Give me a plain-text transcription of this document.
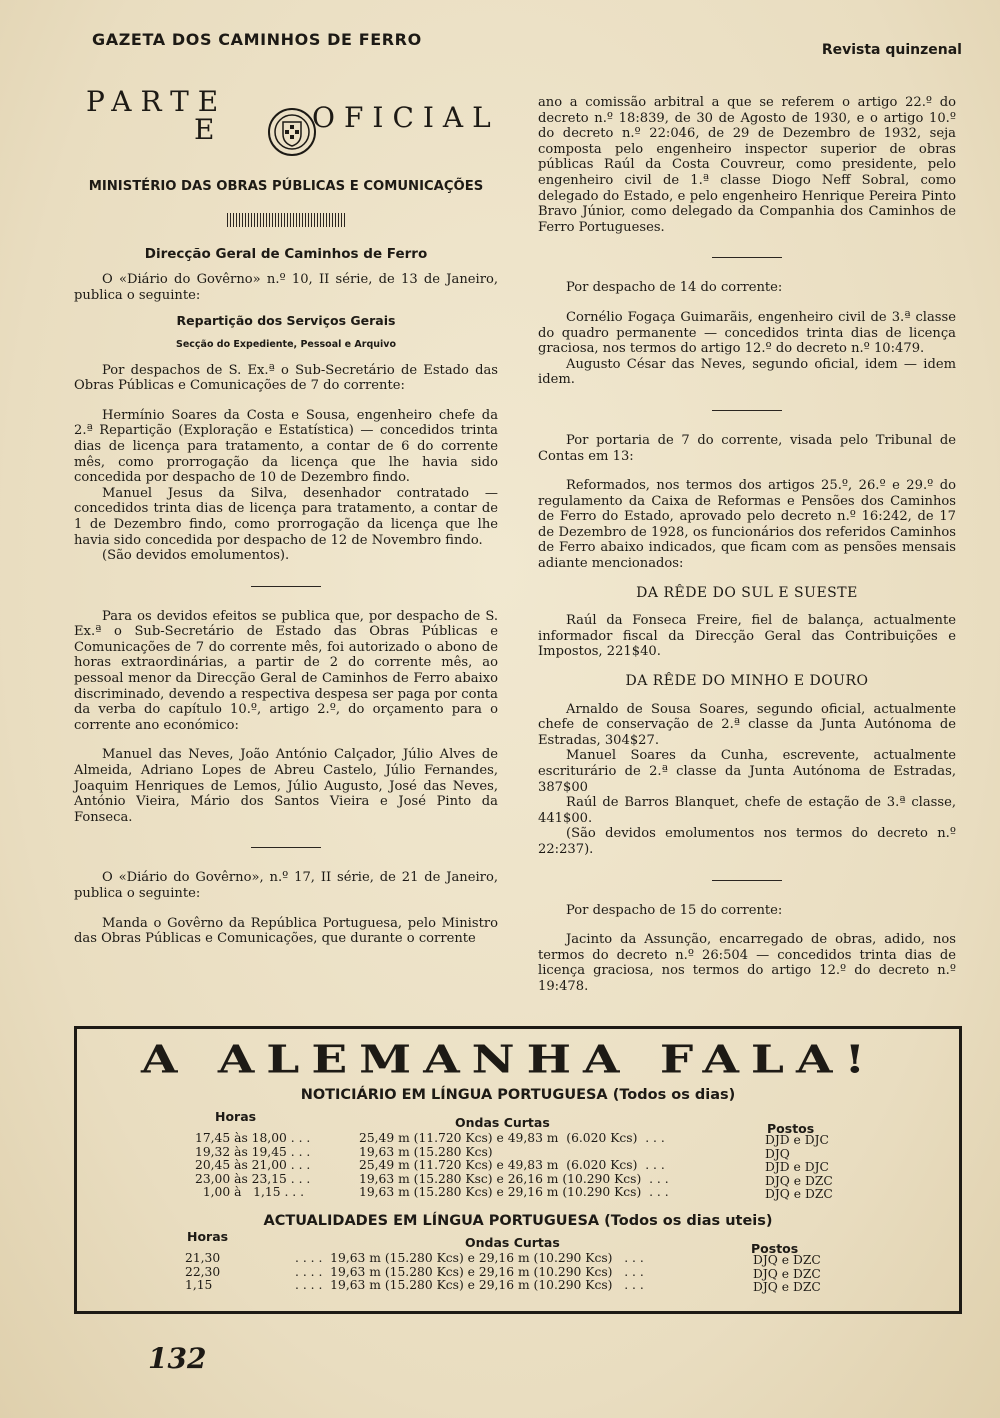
GAZETA DOS CAMINHOS DE FERRO
Revista quinzenal
PARTE
E	OFICIAL
MINISTÉRIO DAS OBRAS PÚBLICAS E COMUNICAÇÕES
Direcção Geral de Caminhos de Ferro

O «Diário do Govêrno» n.º 10, II série, de 13 de Janeiro, publica o seguinte:

Repartição dos Serviços Gerais
Secção do Expediente, Pessoal e Arquivo

Por despachos de S. Ex.ª o Sub-Secretário de Estado das Obras Públicas e Comunicações de 7 do corrente:

Hermínio Soares da Costa e Sousa, engenheiro chefe da 2.ª Repartição (Exploração e Estatística) — concedidos trinta dias de licença para tratamento, a contar de 6 do corrente mês, como prorrogação da licença que lhe havia sido concedida por despacho de 10 de Dezembro findo.

Manuel Jesus da Silva, desenhador contratado — concedidos trinta dias de licença para tratamento, a contar de 1 de Dezembro findo, como prorrogação da licença que lhe havia sido concedida por despacho de 12 de Novembro findo.

(São devidos emolumentos).

Para os devidos efeitos se publica que, por despacho de S. Ex.ª o Sub-Secretário de Estado das Obras Públicas e Comunicações de 7 do corrente mês, foi autorizado o abono de horas extraordinárias, a partir de 2 do corrente mês, ao pessoal menor da Direcção Geral de Caminhos de Ferro abaixo discriminado, devendo a respectiva despesa ser paga por conta da verba do capítulo 10.º, artigo 2.º, do orçamento para o corrente ano económico:

Manuel das Neves, João António Calçador, Júlio Alves de Almeida, Adriano Lopes de Abreu Castelo, Júlio Fernandes, Joaquim Henriques de Lemos, Júlio Augusto, José das Neves, António Vieira, Mário dos Santos Vieira e José Pinto da Fonseca.

O «Diário do Govêrno», n.º 17, II série, de 21 de Janeiro, publica o seguinte:

Manda o Govêrno da República Portuguesa, pelo Ministro das Obras Públicas e Comunicações, que durante o corrente

ano a comissão arbitral a que se referem o artigo 22.º do decreto n.º 18:839, de 30 de Agosto de 1930, e o artigo 10.º do decreto n.º 22:046, de 29 de Dezembro de 1932, seja composta pelo engenheiro inspector superior de obras públicas Raúl da Costa Couvreur, como presidente, pelo engenheiro civil de 1.ª classe Diogo Neff Sobral, como delegado do Estado, e pelo engenheiro Henrique Pereira Pinto Bravo Júnior, como delegado da Companhia dos Caminhos de Ferro Portugueses.

Por despacho de 14 do corrente:

Cornélio Fogaça Guimarãis, engenheiro civil de 3.ª classe do quadro permanente — concedidos trinta dias de licença graciosa, nos termos do artigo 12.º do decreto n.º 10:479.

Augusto César das Neves, segundo oficial, idem — idem idem.

Por portaria de 7 do corrente, visada pelo Tribunal de Contas em 13:

Reformados, nos termos dos artigos 25.º, 26.º e 29.º do regulamento da Caixa de Reformas e Pensões dos Caminhos de Ferro do Estado, aprovado pelo decreto n.º 16:242, de 17 de Dezembro de 1928, os funcionários dos referidos Caminhos de Ferro abaixo indicados, que ficam com as pensões mensais adiante mencionados:

DA RÊDE DO SUL E SUESTE

Raúl da Fonseca Freire, fiel de balança, actualmente informador fiscal da Direcção Geral das Contribuições e Impostos, 221$40.

DA RÊDE DO MINHO E DOURO

Arnaldo de Sousa Soares, segundo oficial, actualmente chefe de conservação de 2.ª classe da Junta Autónoma de Estradas, 304$27.

Manuel Soares da Cunha, escrevente, actualmente escriturário de 2.ª classe da Junta Autónoma de Estradas, 387$00

Raúl de Barros Blanquet, chefe de estação de 3.ª classe, 441$00.

(São devidos emolumentos nos termos do decreto n.º 22:237).

Por despacho de 15 do corrente:

Jacinto da Assunção, encarregado de obras, adido, nos termos do decreto n.º 26:504 — concedidos trinta dias de licença graciosa, nos termos do artigo 12.º do decreto n.º 19:478.

A ALEMANHA FALA!
NOTICIÁRIO EM LÍNGUA PORTUGUESA (Todos os dias)
Horas	Ondas Curtas	Postos
17,45 às 18,00 . . .	25,49 m (11.720 Kcs) e 49,83 m  (6.020 Kcs)  . . .	DJD e DJC
19,32 às 19,45 . . .	19,63 m (15.280 Kcs)	DJQ
20,45 às 21,00 . . .	25,49 m (11.720 Kcs) e 49,83 m  (6.020 Kcs)  . . .	DJD e DJC
23,00 às 23,15 . . .	19,63 m (15.280 Ksc) e 26,16 m (10.290 Kcs)  . . .	DJQ e DZC
1,00 à   1,15 . . .	19,63 m (15.280 Kcs) e 29,16 m (10.290 Kcs)  . . .	DJQ e DZC
ACTUALIDADES EM LÍNGUA PORTUGUESA (Todos os dias uteis)
Horas	Ondas Curtas	Postos
21,30	. . . .  19,63 m (15.280 Kcs) e 29,16 m (10.290 Kcs)   . . .	DJQ e DZC
22,30	. . . .  19,63 m (15.280 Kcs) e 29,16 m (10.290 Kcs)   . . .	DJQ e DZC
1,15	. . . .  19,63 m (15.280 Kcs) e 29,16 m (10.290 Kcs)   . . .	DJQ e DZC
132
